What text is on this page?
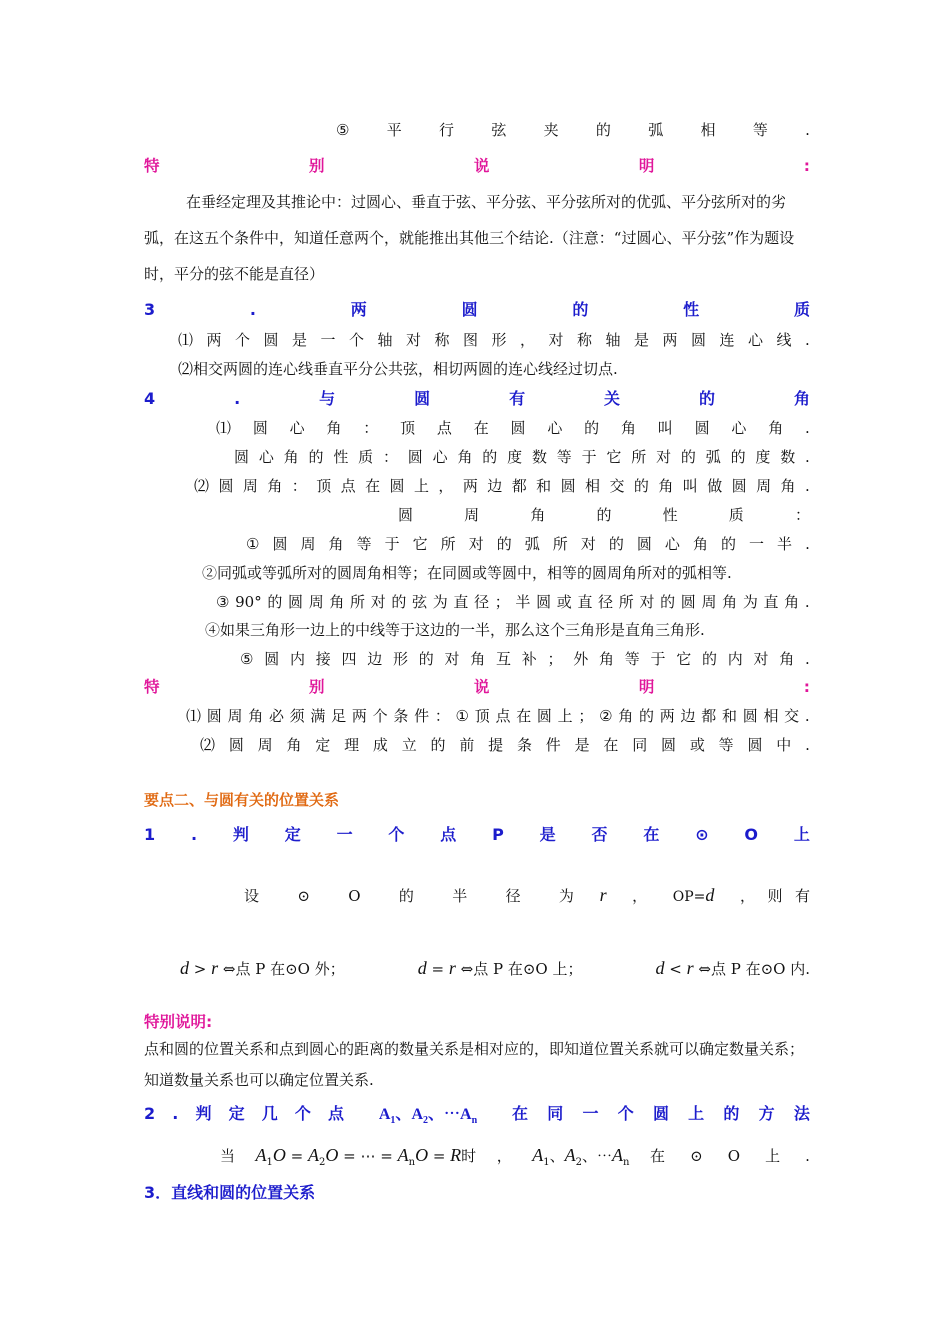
⑤ 平 行 弦 夹 的 弧 相 等 .
特	别	说	明	:
在垂经定理及其推论中：过圆心、垂直于弦、平分弦、平分弦所对的优弧、平分弦所对的劣弧，在这五个条件中，知道任意两个，就能推出其他三个结论.（注意：“过圆心、平分弦”作为题设时，平分的弦不能是直径）
3	.	两	圆	的	性	质
⑴ 两 个 圆 是 一 个 轴 对 称 图 形 ， 对 称 轴 是 两 圆 连 心 线 .
⑵相交两圆的连心线垂直平分公共弦，相切两圆的连心线经过切点.
4	.	与	圆	有	关	的	角
⑴ 圆 心 角 ： 顶 点 在 圆 心 的 角 叫 圆 心 角 .
圆 心 角 的 性 质 ： 圆 心 角 的 度 数 等 于 它 所 对 的 弧 的 度 数 .
⑵ 圆 周 角 ： 顶 点 在 圆 上 ， 两 边 都 和 圆 相 交 的 角 叫 做 圆 周 角 .
圆	周	角	的	性	质	：
① 圆 周 角 等 于 它 所 对 的 弧 所 对 的 圆 心 角 的 一 半 .
②同弧或等弧所对的圆周角相等；在同圆或等圆中，相等的圆周角所对的弧相等.
③ 90° 的 圆 周 角 所 对 的 弦 为 直 径 ； 半 圆 或 直 径 所 对 的 圆 周 角 为 直 角 .
④如果三角形一边上的中线等于这边的一半，那么这个三角形是直角三角形.
⑤ 圆 内 接 四 边 形 的 对 角 互 补 ； 外 角 等 于 它 的 内 对 角 .
特	别	说	明	:
⑴ 圆 周 角 必 须 满 足 两 个 条 件 ： ① 顶 点 在 圆 上 ； ② 角 的 两 边 都 和 圆 相 交 .
⑵ 圆 周 角 定 理 成 立 的 前 提 条 件 是 在 同 圆 或 等 圆 中 .
要点二、与圆有关的位置关系
1 . 判 定 一 个 点 P 是 否 在 ⊙ O 上
设	⊙	O	的	半	径	为 r ， OP=d ， 则 有
d > r ⇔点 P 在⊙O 外；	d = r ⇔点 P 在⊙O 上；	d < r ⇔点 P 在⊙O 内.
特别说明:
点和圆的位置关系和点到圆心的距离的数量关系是相对应的，即知道位置关系就可以确定数量关系；知道数量关系也可以确定位置关系.
2 . 判 定 几 个 点 $A_1$、$A_2$、$\cdots A_n$ 在 同 一 个 圆 上 的 方 法
当 $A_1O = A_2O$ = ⋯ = $A_nO = R$时 ， $A_1$、$A_2$、$\cdots A_n$ 在 ⊙ O 上 .
3．直线和圆的位置关系
